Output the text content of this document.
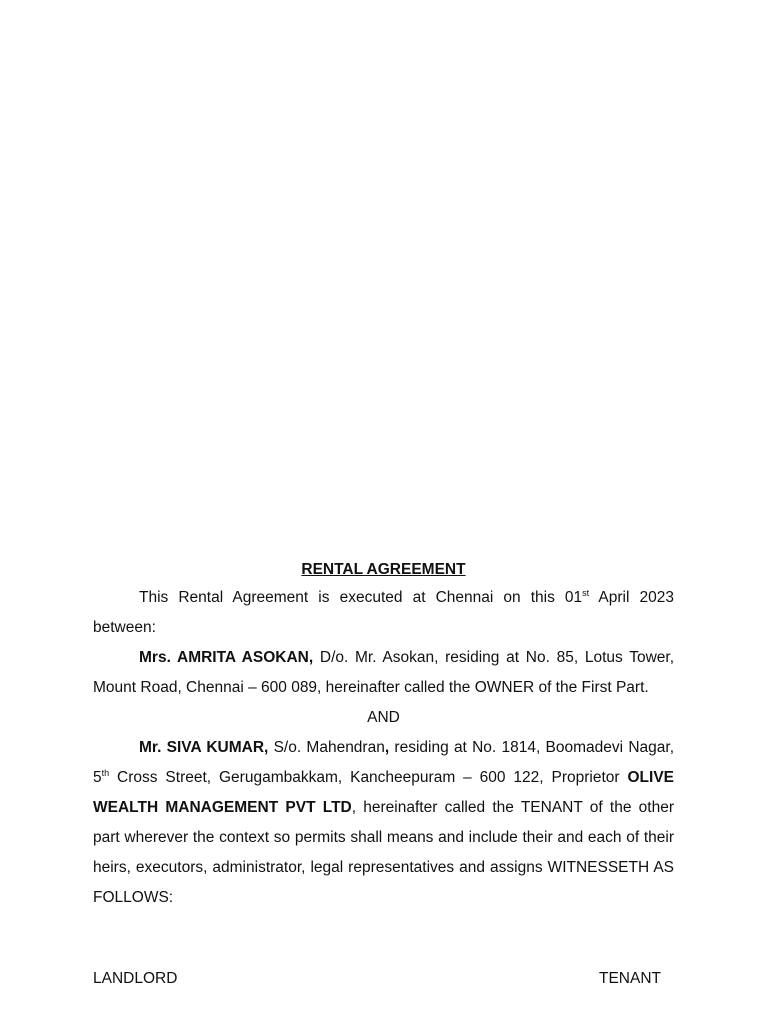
RENTAL AGREEMENT

This Rental Agreement is executed at Chennai on this 01st April 2023 between:

Mrs. AMRITA ASOKAN, D/o. Mr. Asokan, residing at No. 85, Lotus Tower, Mount Road, Chennai – 600 089, hereinafter called the OWNER of the First Part.

AND

Mr. SIVA KUMAR, S/o. Mahendran, residing at No. 1814, Boomadevi Nagar, 5th Cross Street, Gerugambakkam, Kancheepuram – 600 122, Proprietor OLIVE WEALTH MANAGEMENT PVT LTD, hereinafter called the TENANT of the other part wherever the context so permits shall means and include their and each of their heirs, executors, administrator, legal representatives and assigns WITNESSETH AS FOLLOWS:

LANDLORD	TENANT
